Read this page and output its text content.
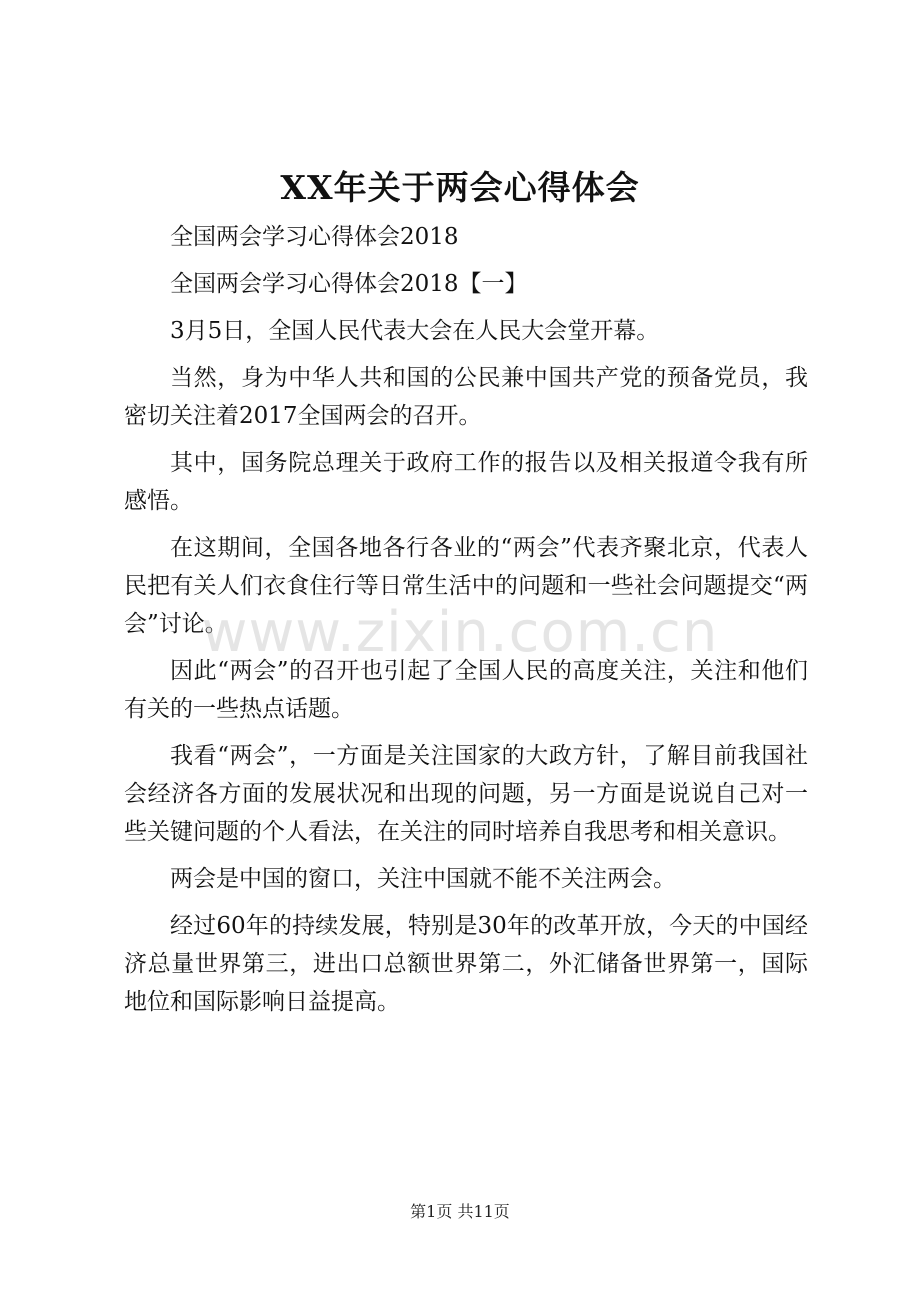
XX年关于两会心得体会

全国两会学习心得体会2018

全国两会学习心得体会2018【一】

3月5日，全国人民代表大会在人民大会堂开幕。

当然，身为中华人共和国的公民兼中国共产党的预备党员，我密切关注着2017全国两会的召开。

其中，国务院总理关于政府工作的报告以及相关报道令我有所感悟。

在这期间，全国各地各行各业的“两会”代表齐聚北京，代表人民把有关人们衣食住行等日常生活中的问题和一些社会问题提交“两会”讨论。

因此“两会”的召开也引起了全国人民的高度关注，关注和他们有关的一些热点话题。

我看“两会”，一方面是关注国家的大政方针，了解目前我国社会经济各方面的发展状况和出现的问题，另一方面是说说自己对一些关键问题的个人看法，在关注的同时培养自我思考和相关意识。

两会是中国的窗口，关注中国就不能不关注两会。

经过60年的持续发展，特别是30年的改革开放，今天的中国经济总量世界第三，进出口总额世界第二，外汇储备世界第一，国际地位和国际影响日益提高。

www.zixin.com.cn
第1页 共11页
